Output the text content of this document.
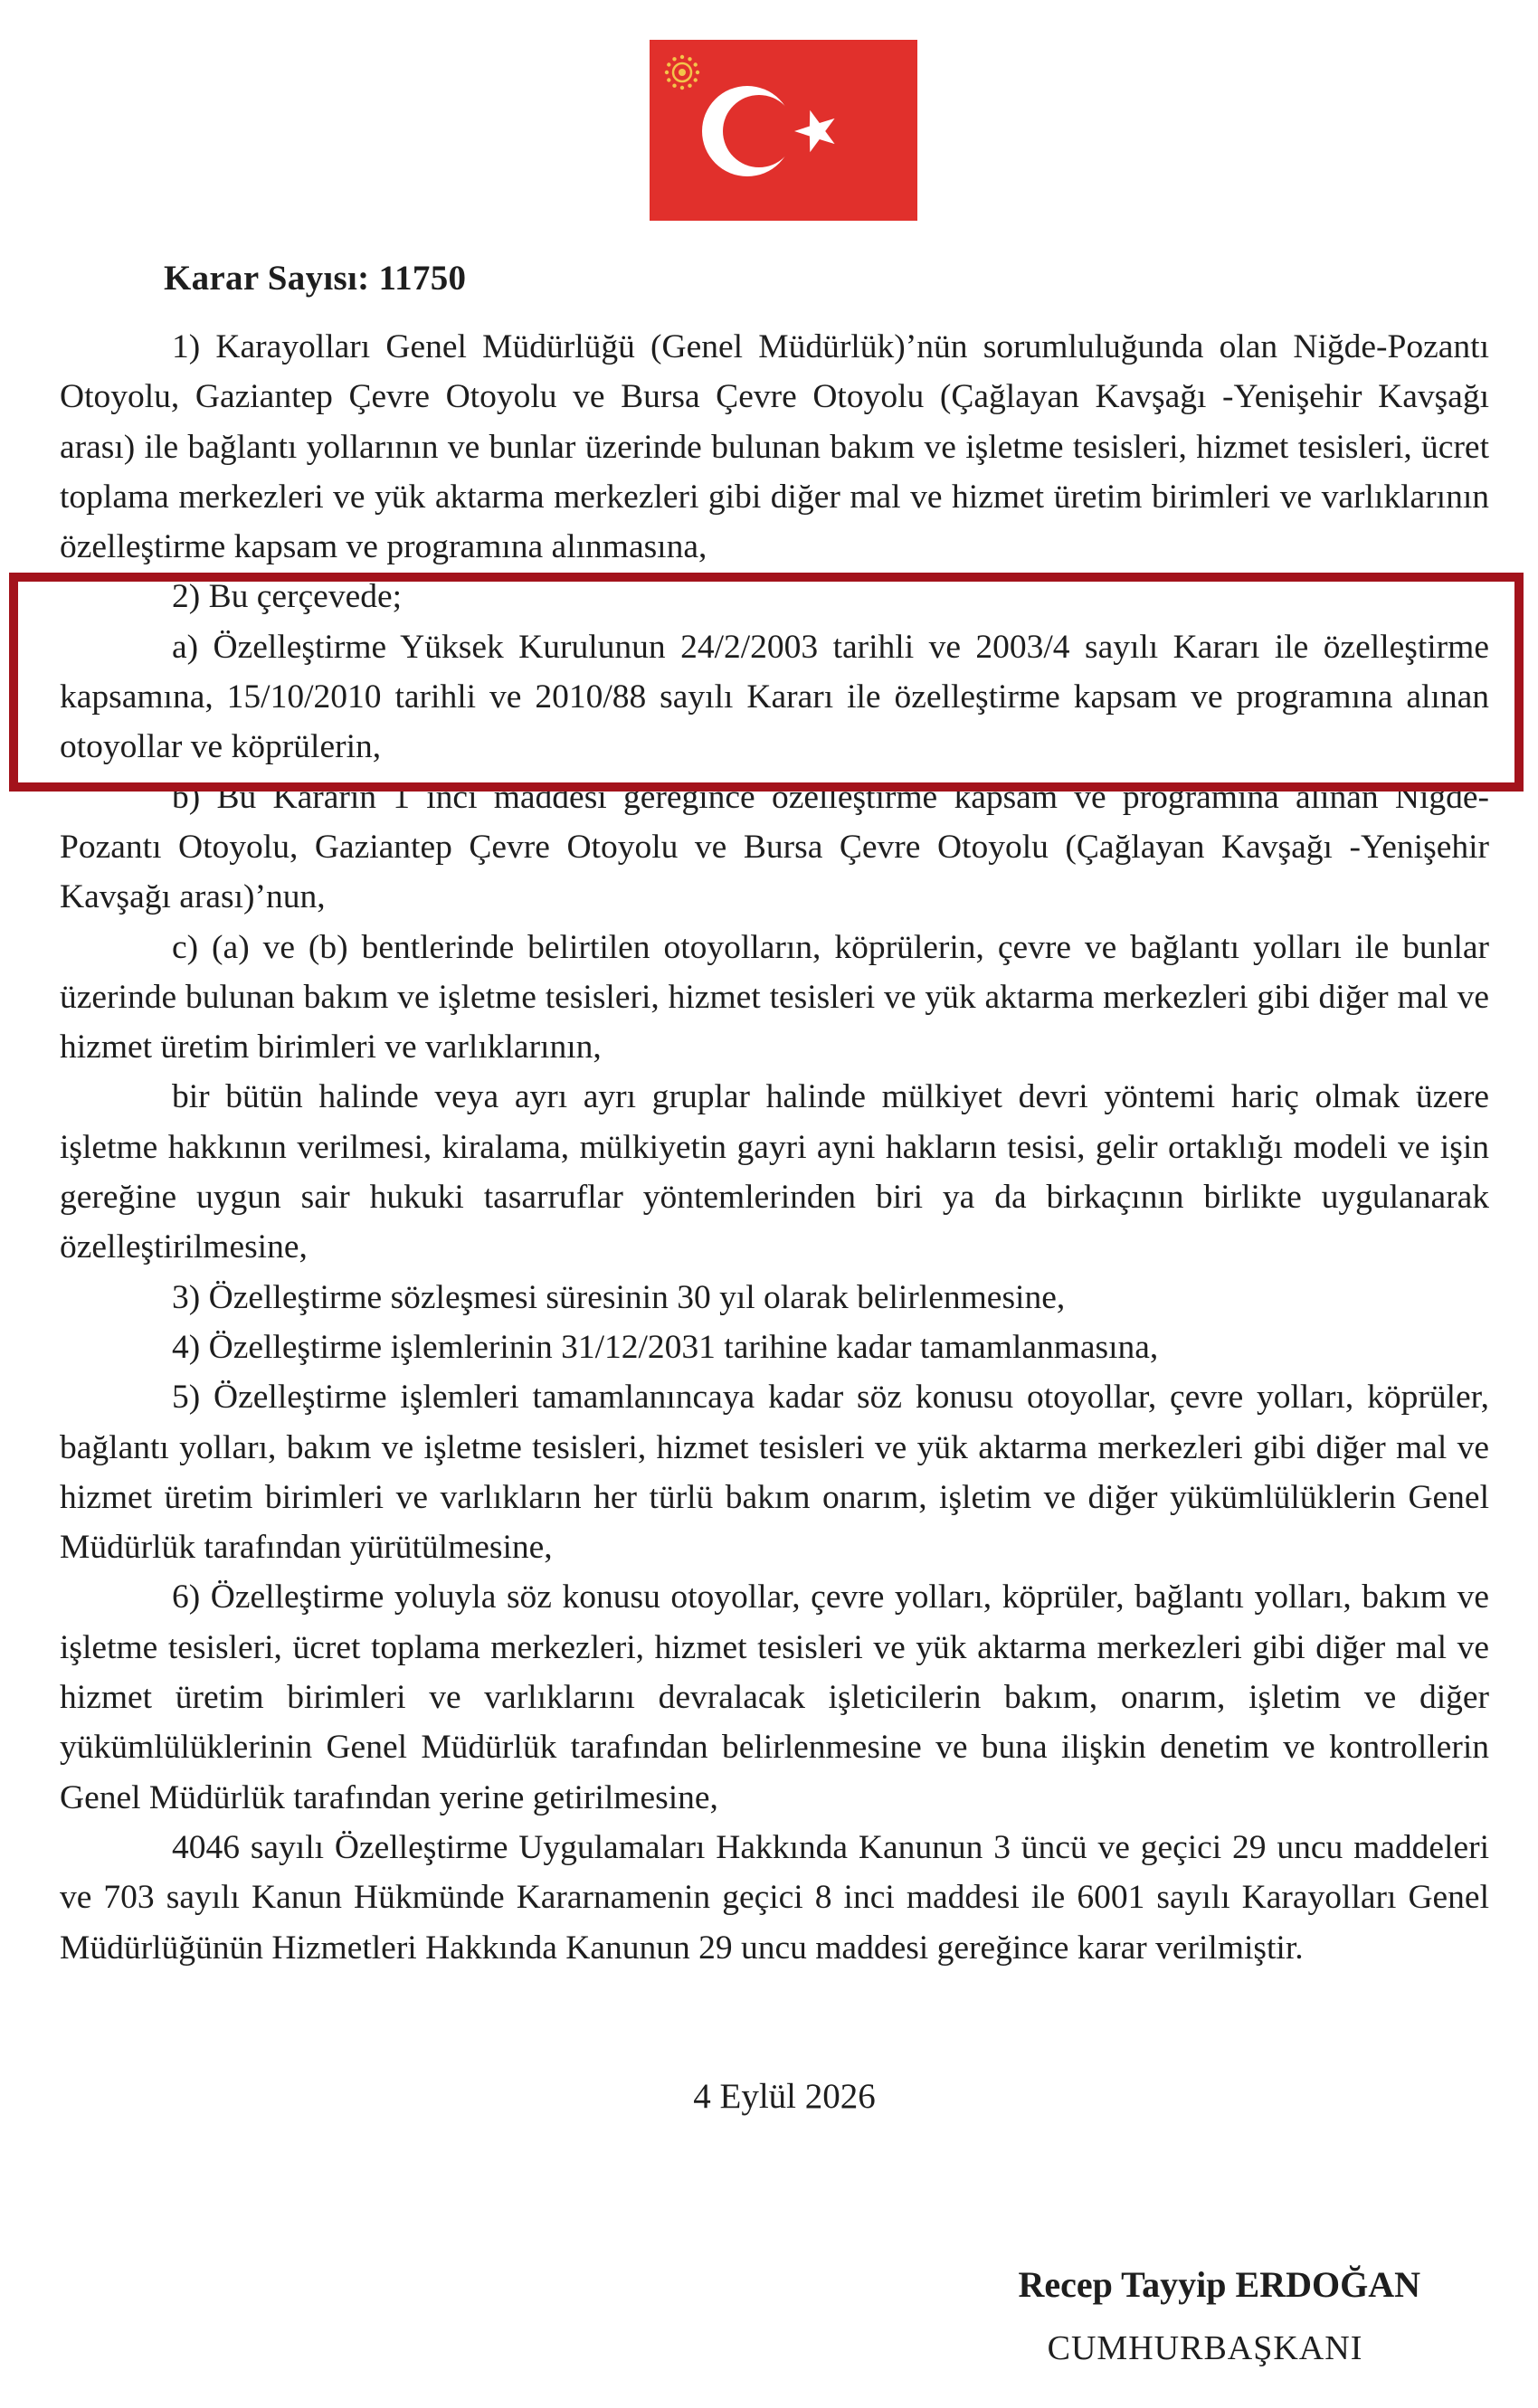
Karar Sayısı: 11750

1) Karayolları Genel Müdürlüğü (Genel Müdürlük)’nün sorumluluğunda olan Niğde-Pozantı Otoyolu, Gaziantep Çevre Otoyolu ve Bursa Çevre Otoyolu (Çağlayan Kavşağı -Yenişehir Kavşağı arası) ile bağlantı yollarının ve bunlar üzerinde bulunan bakım ve işletme tesisleri, hizmet tesisleri, ücret toplama merkezleri ve yük aktarma merkezleri gibi diğer mal ve hizmet üretim birimleri ve varlıklarının özelleştirme kapsam ve programına alınmasına,

2) Bu çerçevede;

a) Özelleştirme Yüksek Kurulunun 24/2/2003 tarihli ve 2003/4 sayılı Kararı ile özelleştirme kapsamına, 15/10/2010 tarihli ve 2010/88 sayılı Kararı ile özelleştirme kapsam ve programına alınan otoyollar ve köprülerin,

b) Bu Kararın 1 inci maddesi gereğince özelleştirme kapsam ve programına alınan Niğde-Pozantı Otoyolu, Gaziantep Çevre Otoyolu ve Bursa Çevre Otoyolu (Çağlayan Kavşağı -Yenişehir Kavşağı arası)’nun,

c) (a) ve (b) bentlerinde belirtilen otoyolların, köprülerin, çevre ve bağlantı yolları ile bunlar üzerinde bulunan bakım ve işletme tesisleri, hizmet tesisleri ve yük aktarma merkezleri gibi diğer mal ve hizmet üretim birimleri ve varlıklarının,

bir bütün halinde veya ayrı ayrı gruplar halinde mülkiyet devri yöntemi hariç olmak üzere işletme hakkının verilmesi, kiralama, mülkiyetin gayri ayni hakların tesisi, gelir ortaklığı modeli ve işin gereğine uygun sair hukuki tasarruflar yöntemlerinden biri ya da birkaçının birlikte uygulanarak özelleştirilmesine,

3) Özelleştirme sözleşmesi süresinin 30 yıl olarak belirlenmesine,

4) Özelleştirme işlemlerinin 31/12/2031 tarihine kadar tamamlanmasına,

5) Özelleştirme işlemleri tamamlanıncaya kadar söz konusu otoyollar, çevre yolları, köprüler, bağlantı yolları, bakım ve işletme tesisleri, hizmet tesisleri ve yük aktarma merkezleri gibi diğer mal ve hizmet üretim birimleri ve varlıkların her türlü bakım onarım, işletim ve diğer yükümlülüklerin Genel Müdürlük tarafından yürütülmesine,

6) Özelleştirme yoluyla söz konusu otoyollar, çevre yolları, köprüler, bağlantı yolları, bakım ve işletme tesisleri, ücret toplama merkezleri, hizmet tesisleri ve yük aktarma merkezleri gibi diğer mal ve hizmet üretim birimleri ve varlıklarını devralacak işleticilerin bakım, onarım, işletim ve diğer yükümlülüklerinin Genel Müdürlük tarafından belirlenmesine ve buna ilişkin denetim ve kontrollerin Genel Müdürlük tarafından yerine getirilmesine,

4046 sayılı Özelleştirme Uygulamaları Hakkında Kanunun 3 üncü ve geçici 29 uncu maddeleri ve 703 sayılı Kanun Hükmünde Kararnamenin geçici 8 inci maddesi ile 6001 sayılı Karayolları Genel Müdürlüğünün Hizmetleri Hakkında Kanunun 29 uncu maddesi gereğince karar verilmiştir.

4 Eylül 2026
Recep Tayyip ERDOĞAN
CUMHURBAŞKANI
